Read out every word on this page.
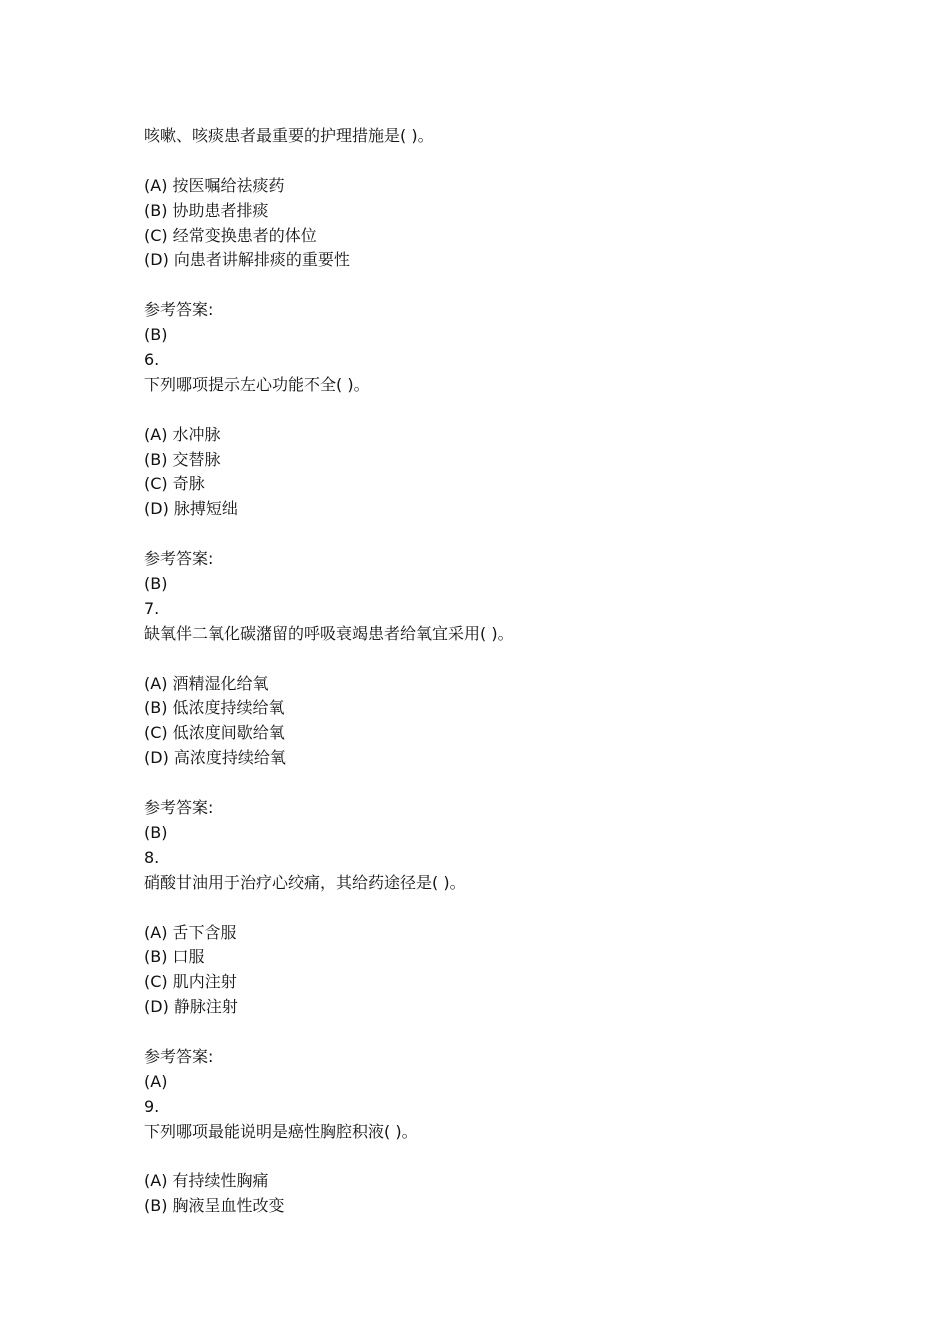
咳嗽、咳痰患者最重要的护理措施是( )。
(A) 按医嘱给祛痰药
(B) 协助患者排痰
(C) 经常变换患者的体位
(D) 向患者讲解排痰的重要性
参考答案:
(B)
6.
下列哪项提示左心功能不全( )。
(A) 水冲脉
(B) 交替脉
(C) 奇脉
(D) 脉搏短绌
参考答案:
(B)
7.
缺氧伴二氧化碳潴留的呼吸衰竭患者给氧宜采用( )。
(A) 酒精湿化给氧
(B) 低浓度持续给氧
(C) 低浓度间歇给氧
(D) 高浓度持续给氧
参考答案:
(B)
8.
硝酸甘油用于治疗心绞痛，其给药途径是( )。
(A) 舌下含服
(B) 口服
(C) 肌内注射
(D) 静脉注射
参考答案:
(A)
9.
下列哪项最能说明是癌性胸腔积液( )。
(A) 有持续性胸痛
(B) 胸液呈血性改变
